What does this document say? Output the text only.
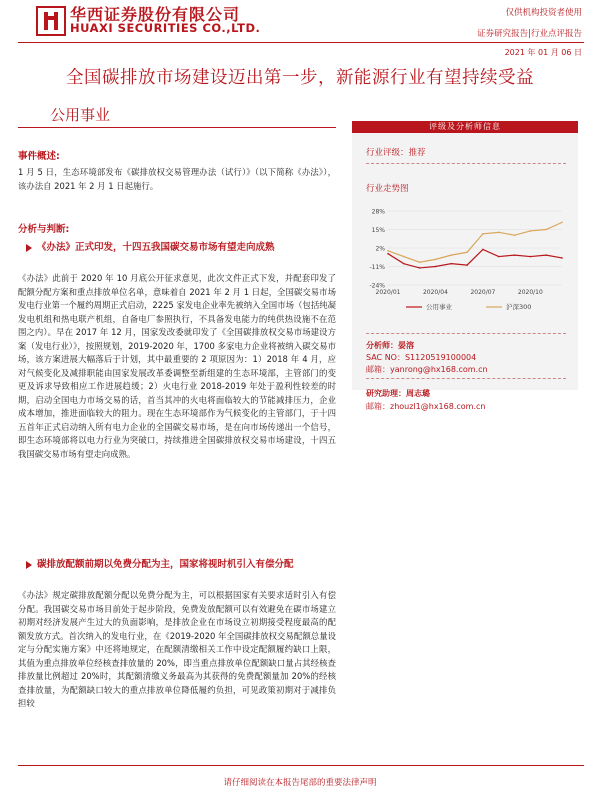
华西证券股份有限公司
HUAXI SECURITIES CO.,LTD.
仅供机构投资者使用
证券研究报告|行业点评报告
2021 年 01 月 06 日
全国碳排放市场建设迈出第一步，新能源行业有望持续受益
公用事业
事件概述:
1 月 5 日，生态环境部发布《碳排放权交易管理办法（试行）》（以下简称《办法》），该办法自 2021 年 2 月 1 日起施行。
分析与判断:
《办法》正式印发，十四五我国碳交易市场有望走向成熟
《办法》此前于 2020 年 10 月底公开征求意见，此次文件正式下发，并配套印发了配额分配方案和重点排放单位名单，意味着自 2021 年 2 月 1 日起，全国碳交易市场发电行业第一个履约周期正式启动，2225 家发电企业率先被纳入全国市场（包括纯凝发电机组和热电联产机组，自备电厂参照执行，不具备发电能力的纯供热设施不在范围之内）。早在 2017 年 12 月，国家发改委就印发了《全国碳排放权交易市场建设方案（发电行业）》，按照规划，2019-2020 年，1700 多家电力企业将被纳入碳交易市场，该方案进展大幅落后于计划，其中最重要的 2 项原因为：1）2018 年 4 月，应对气候变化及减排职能由国家发展改革委调整至新组建的生态环境部，主管部门的变更及诉求导致相应工作进展趋缓；2）火电行业 2018-2019 年处于盈利性较差的时期，启动全国电力市场交易的话，首当其冲的火电将面临较大的节能减排压力，企业成本增加，推进面临较大的阻力。现在生态环境部作为气候变化的主管部门，于十四五首年正式启动纳入所有电力企业的全国碳交易市场，是在向市场传递出一个信号，即生态环境部将以电力行业为突破口，持续推进全国碳排放权交易市场建设，十四五我国碳交易市场有望走向成熟。
碳排放配额前期以免费分配为主，国家将视时机引入有偿分配
《办法》规定碳排放配额分配以免费分配为主，可以根据国家有关要求适时引入有偿分配。我国碳交易市场目前处于起步阶段，免费发放配额可以有效避免在碳市场建立初期对经济发展产生过大的负面影响，是排放企业在市场设立初期接受程度最高的配额发放方式。首次纳入的发电行业，在《2019-2020 年全国碳排放权交易配额总量设定与分配实施方案》中还将地规定，在配额清缴相关工作中设定配额履约缺口上限，其值为重点排放单位经核查排放量的 20%，即当重点排放单位配额缺口量占其经核查排放量比例超过 20%时，其配额清缴义务最高为其获得的免费配额量加 20%的经核查排放量，为配额缺口较大的重点排放单位降低履约负担，可见政策初期对于减排负担较
评级及分析师信息
行业评级：推荐
行业走势图
28%
15%
2%
-11%
-24%
2020/01	2020/04	2020/07	2020/10
公用事业	沪深300
分析师：晏溶
SAC NO：S1120519100004
邮箱：yanrong@hx168.com.cn
研究助理：周志璐
邮箱：zhouzl1@hx168.com.cn
请仔细阅读在本报告尾部的重要法律声明
